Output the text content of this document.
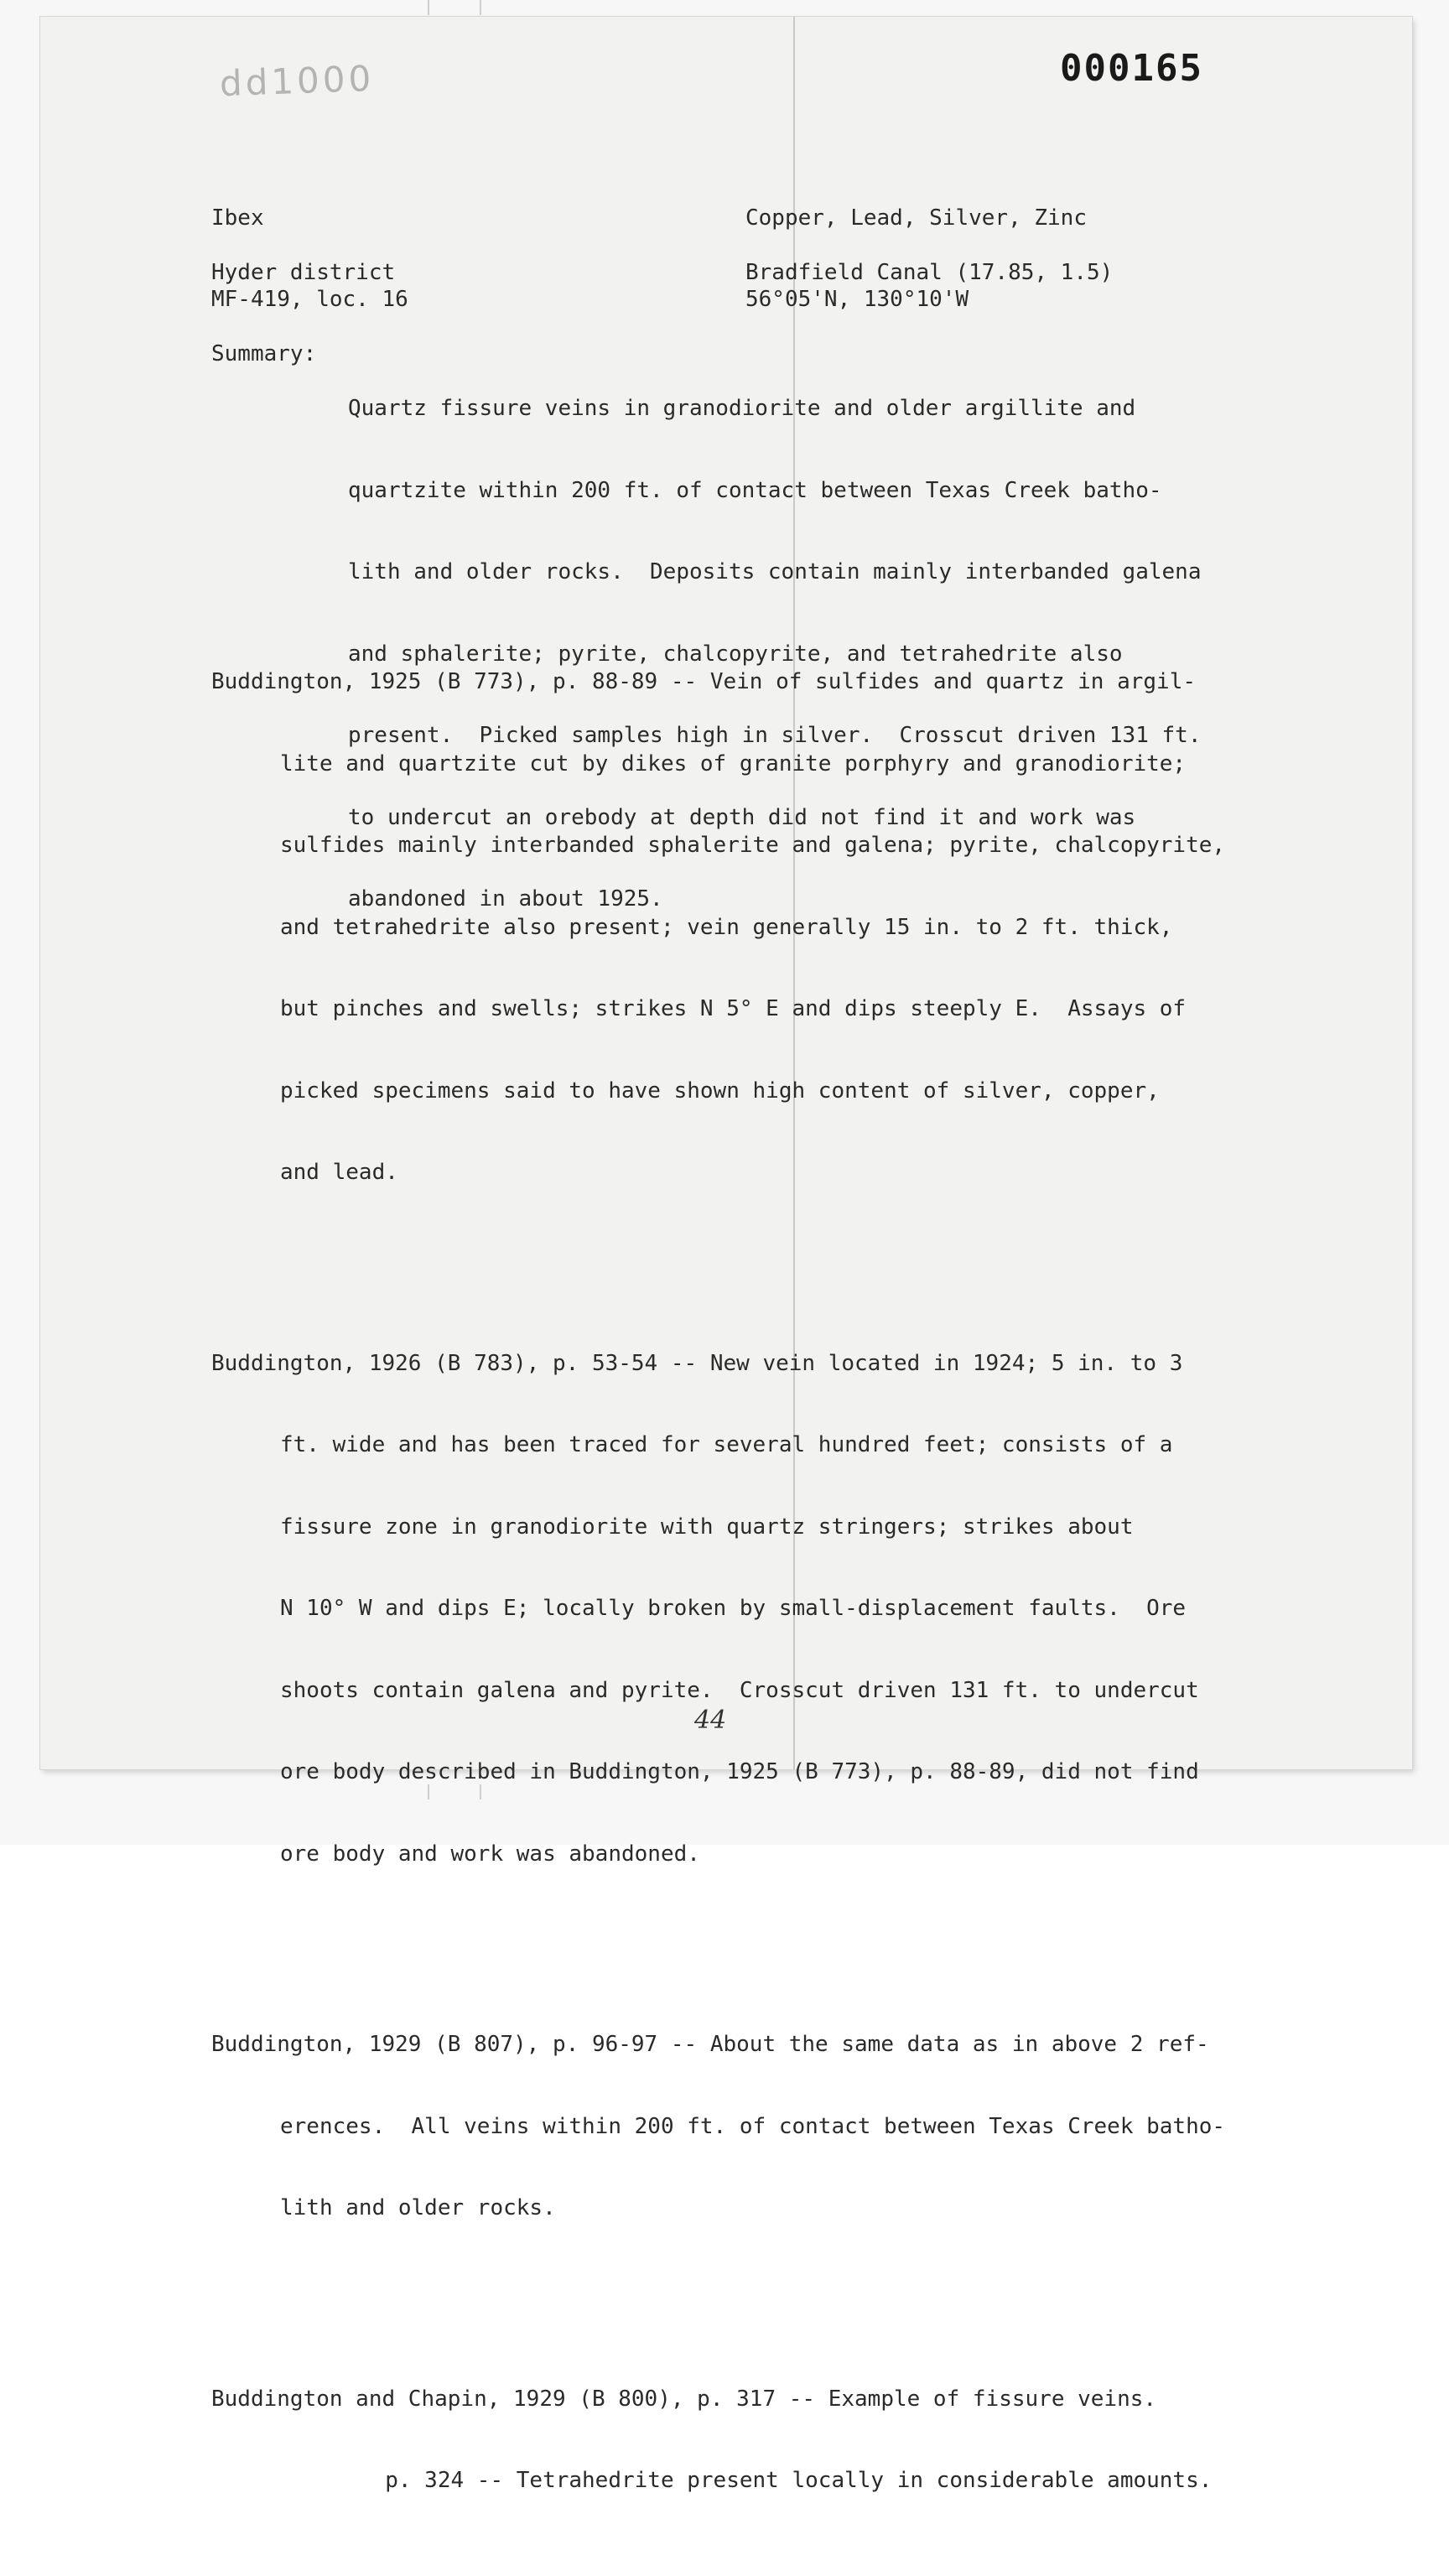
dd1000	000165
Ibex	Copper, Lead, Silver, Zinc
Hyder district
MF-419, loc. 16
Bradfield Canal (17.85, 1.5)
56°05'N, 130°10'W
Summary:

Quartz fissure veins in granodiorite and older argillite and

quartzite within 200 ft. of contact between Texas Creek batho-

lith and older rocks.  Deposits contain mainly interbanded galena

and sphalerite; pyrite, chalcopyrite, and tetrahedrite also

present.  Picked samples high in silver.  Crosscut driven 131 ft.

to undercut an orebody at depth did not find it and work was

abandoned in about 1925.

Buddington, 1925 (B 773), p. 88-89 -- Vein of sulfides and quartz in argil-

lite and quartzite cut by dikes of granite porphyry and granodiorite;

sulfides mainly interbanded sphalerite and galena; pyrite, chalcopyrite,

and tetrahedrite also present; vein generally 15 in. to 2 ft. thick,

but pinches and swells; strikes N 5° E and dips steeply E.  Assays of

picked specimens said to have shown high content of silver, copper,

and lead.

Buddington, 1926 (B 783), p. 53-54 -- New vein located in 1924; 5 in. to 3

ft. wide and has been traced for several hundred feet; consists of a

fissure zone in granodiorite with quartz stringers; strikes about

N 10° W and dips E; locally broken by small-displacement faults.  Ore

shoots contain galena and pyrite.  Crosscut driven 131 ft. to undercut

ore body described in Buddington, 1925 (B 773), p. 88-89, did not find

ore body and work was abandoned.

Buddington, 1929 (B 807), p. 96-97 -- About the same data as in above 2 ref-

erences.  All veins within 200 ft. of contact between Texas Creek batho-

lith and older rocks.

Buddington and Chapin, 1929 (B 800), p. 317 -- Example of fissure veins.

p. 324 -- Tetrahedrite present locally in considerable amounts.

44
